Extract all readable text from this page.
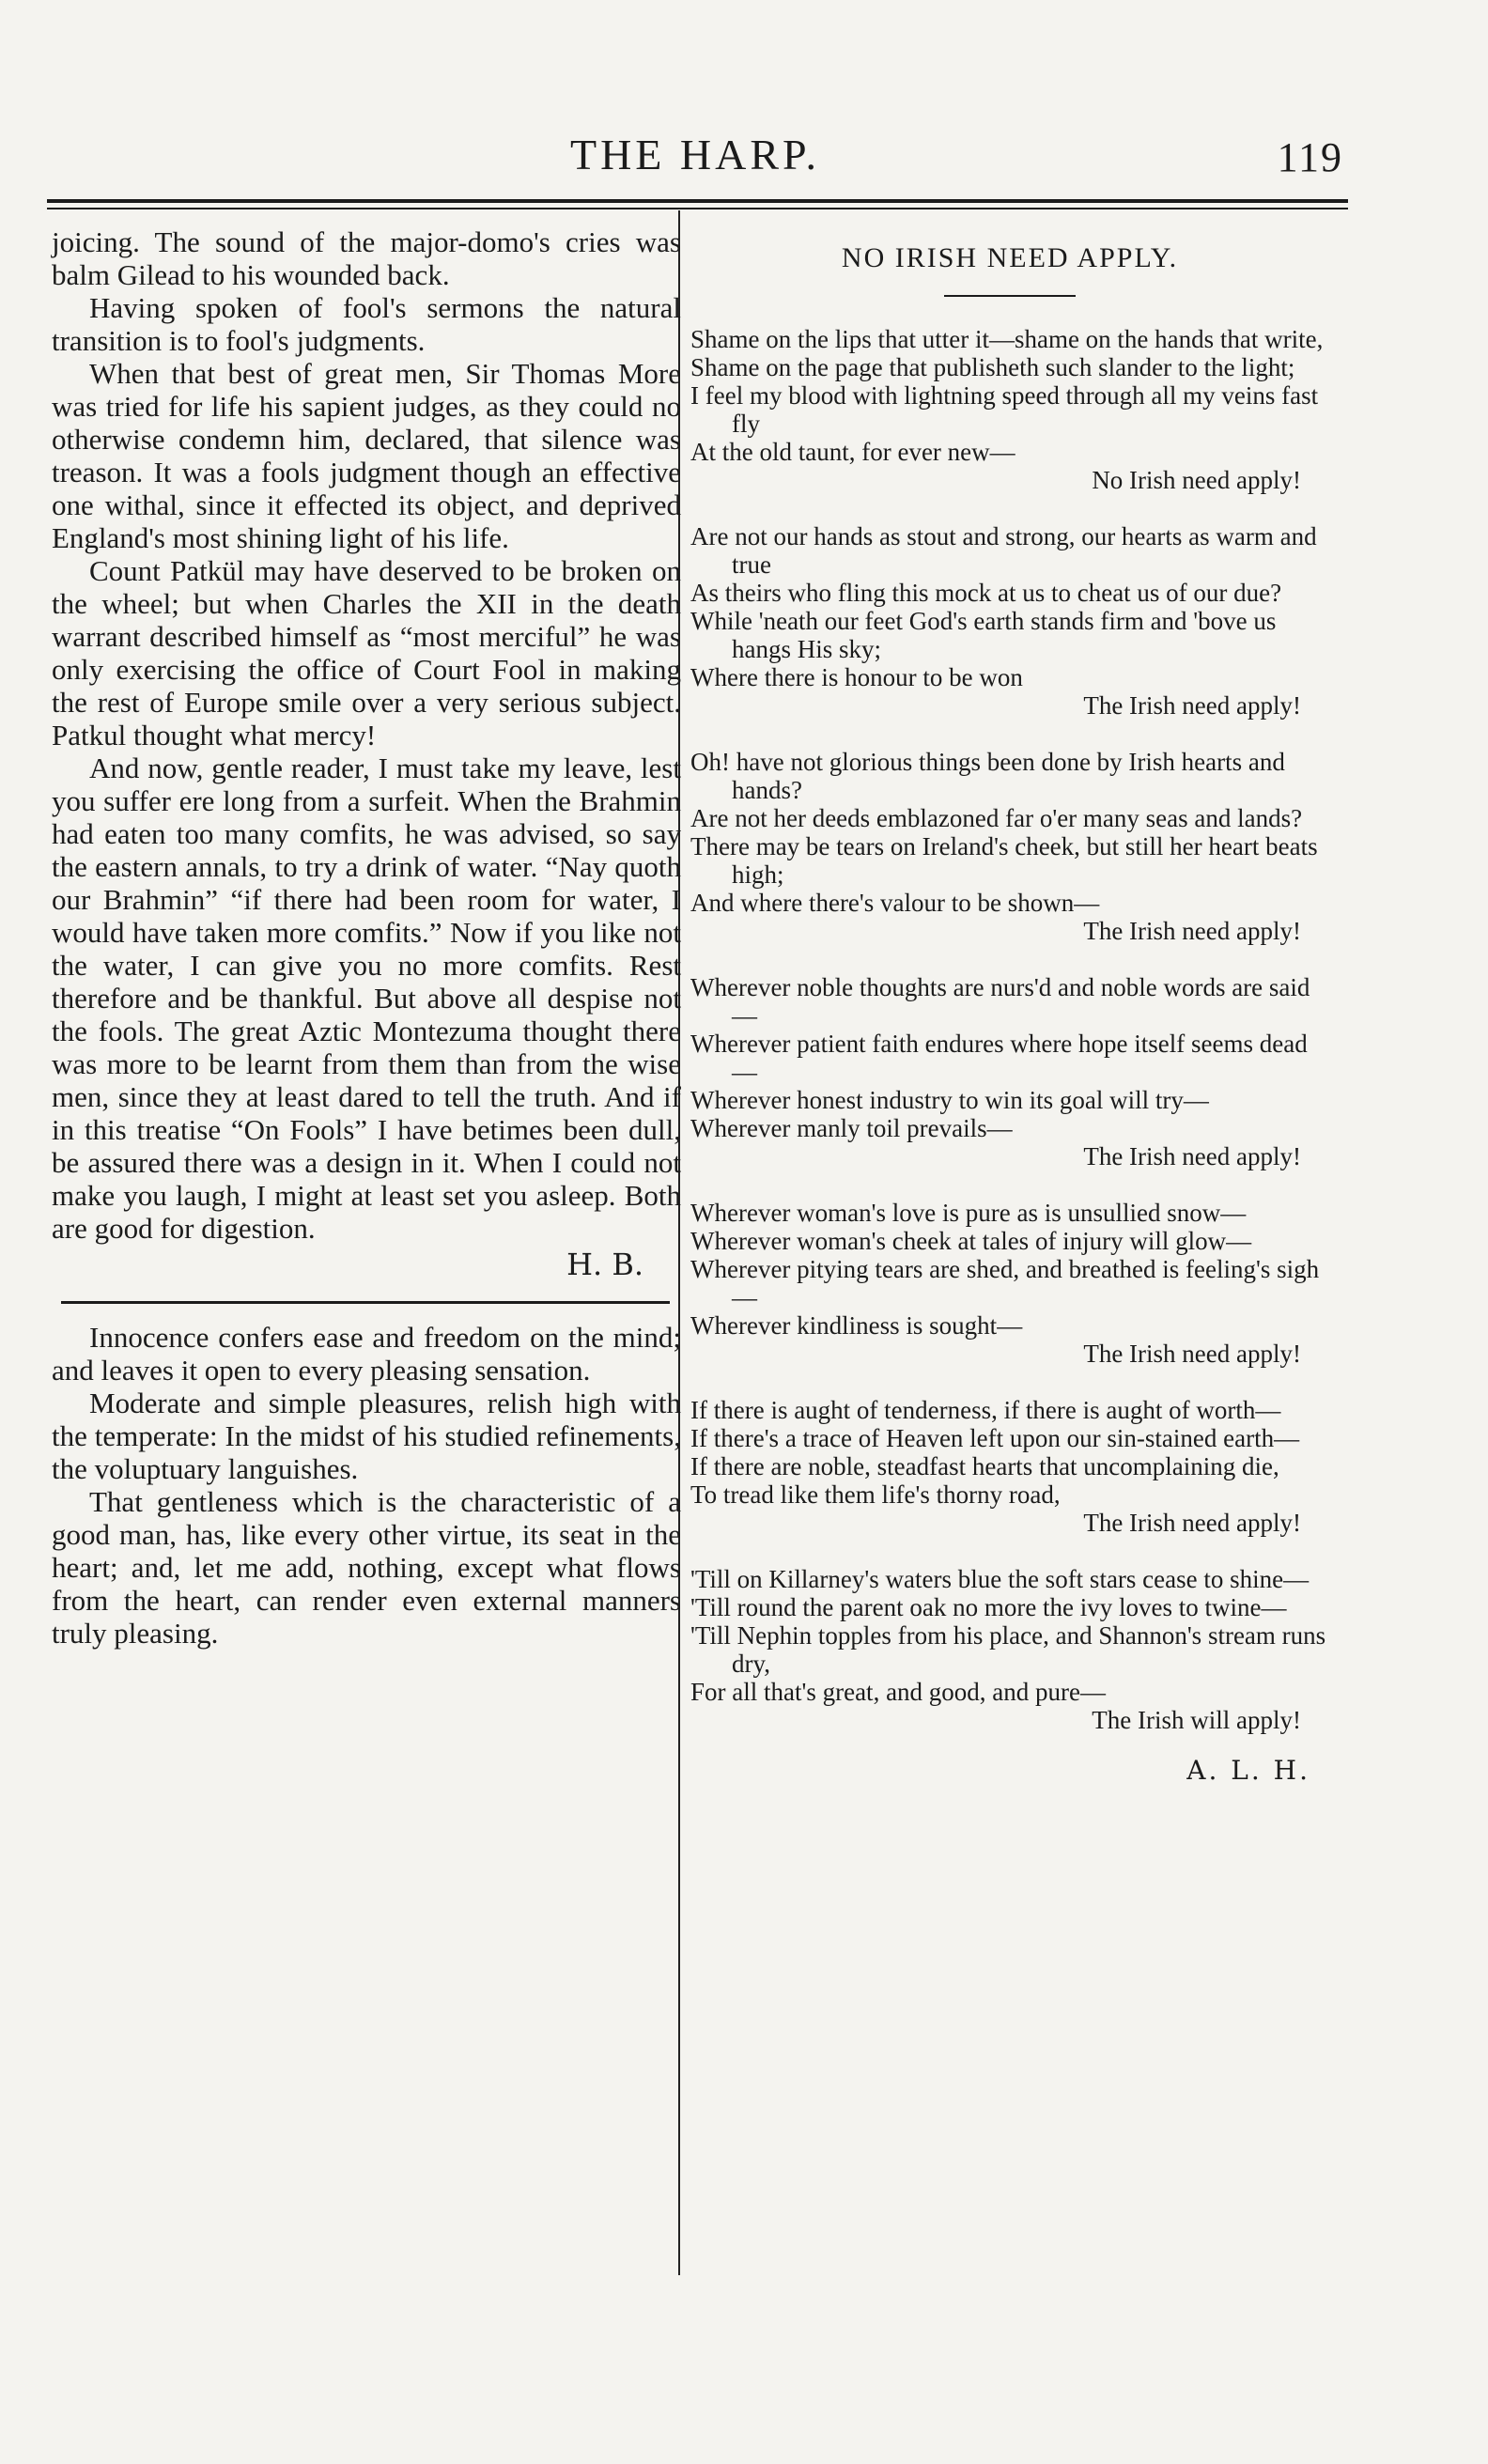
THE HARP.	119

joicing. The sound of the major-domo's cries was balm Gilead to his wounded back.

Having spoken of fool's sermons the natural transition is to fool's judgments.

When that best of great men, Sir Thomas More was tried for life his sapient judges, as they could no otherwise condemn him, declared, that silence was treason. It was a fools judgment though an effective one withal, since it effected its object, and deprived England's most shining light of his life.

Count Patkül may have deserved to be broken on the wheel; but when Charles the XII in the death warrant described himself as “most merciful” he was only exercising the office of Court Fool in making the rest of Europe smile over a very serious subject. Patkul thought what mercy!

And now, gentle reader, I must take my leave, lest you suffer ere long from a surfeit. When the Brahmin had eaten too many comfits, he was advised, so say the eastern annals, to try a drink of water. “Nay quoth our Brahmin” “if there had been room for water, I would have taken more comfits.” Now if you like not the water, I can give you no more comfits. Rest therefore and be thankful. But above all despise not the fools. The great Aztic Montezuma thought there was more to be learnt from them than from the wise men, since they at least dared to tell the truth. And if in this treatise “On Fools” I have betimes been dull, be assured there was a design in it. When I could not make you laugh, I might at least set you asleep. Both are good for digestion.

H. B.

Innocence confers ease and freedom on the mind; and leaves it open to every pleasing sensation.

Moderate and simple pleasures, relish high with the temperate: In the midst of his studied refinements, the voluptuary languishes.

That gentleness which is the characteristic of a good man, has, like every other virtue, its seat in the heart; and, let me add, nothing, except what flows from the heart, can render even external manners truly pleasing.

NO IRISH NEED APPLY.
Shame on the lips that utter it—shame on the hands that write,
Shame on the page that publisheth such slander to the light;
I feel my blood with lightning speed through all my veins fast fly
At the old taunt, for ever new—
No Irish need apply!
Are not our hands as stout and strong, our hearts as warm and true
As theirs who fling this mock at us to cheat us of our due?
While 'neath our feet God's earth stands firm and 'bove us hangs His sky;
Where there is honour to be won
The Irish need apply!
Oh! have not glorious things been done by Irish hearts and hands?
Are not her deeds emblazoned far o'er many seas and lands?
There may be tears on Ireland's cheek, but still her heart beats high;
And where there's valour to be shown—
The Irish need apply!
Wherever noble thoughts are nurs'd and noble words are said—
Wherever patient faith endures where hope itself seems dead—
Wherever honest industry to win its goal will try—
Wherever manly toil prevails—
The Irish need apply!
Wherever woman's love is pure as is unsullied snow—
Wherever woman's cheek at tales of injury will glow—
Wherever pitying tears are shed, and breathed is feeling's sigh—
Wherever kindliness is sought—
The Irish need apply!
If there is aught of tenderness, if there is aught of worth—
If there's a trace of Heaven left upon our sin-stained earth—
If there are noble, steadfast hearts that uncomplaining die,
To tread like them life's thorny road,
The Irish need apply!
'Till on Killarney's waters blue the soft stars cease to shine—
'Till round the parent oak no more the ivy loves to twine—
'Till Nephin topples from his place, and Shannon's stream runs dry,
For all that's great, and good, and pure—
The Irish will apply!
A. L. H.
